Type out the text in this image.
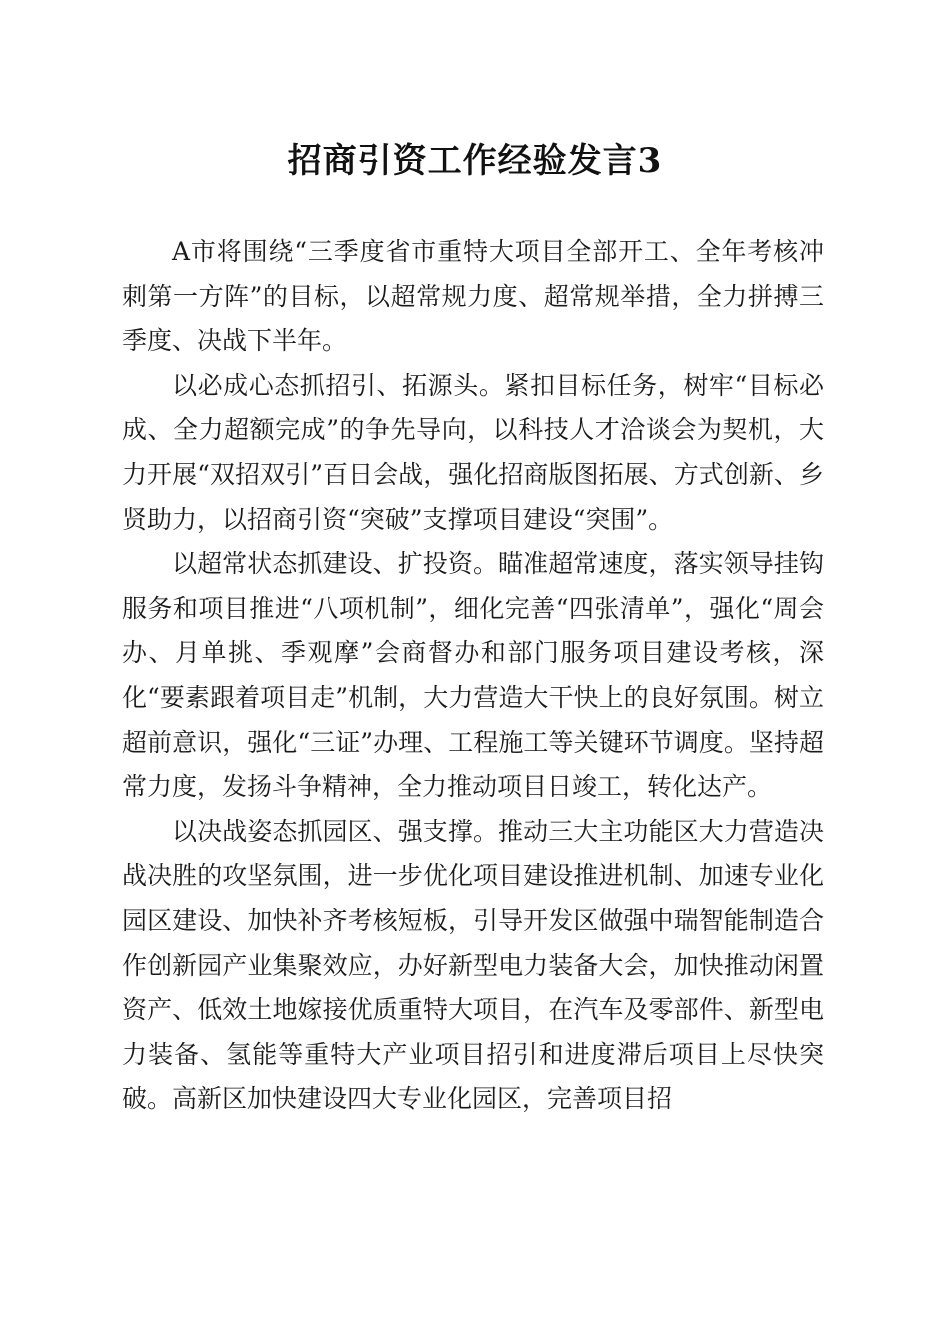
招商引资工作经验发言3

A市将围绕“三季度省市重特大项目全部开工、全年考核冲刺第一方阵”的目标，以超常规力度、超常规举措，全力拼搏三季度、决战下半年。

以必成心态抓招引、拓源头。紧扣目标任务，树牢“目标必成、全力超额完成”的争先导向，以科技人才洽谈会为契机，大力开展“双招双引”百日会战，强化招商版图拓展、方式创新、乡贤助力，以招商引资“突破”支撑项目建设“突围”。

以超常状态抓建设、扩投资。瞄准超常速度，落实领导挂钩服务和项目推进“八项机制”，细化完善“四张清单”，强化“周会办、月单挑、季观摩”会商督办和部门服务项目建设考核，深化“要素跟着项目走”机制，大力营造大干快上的良好氛围。树立超前意识，强化“三证”办理、工程施工等关键环节调度。坚持超常力度，发扬斗争精神，全力推动项目日竣工，转化达产。

以决战姿态抓园区、强支撑。推动三大主功能区大力营造决战决胜的攻坚氛围，进一步优化项目建设推进机制、加速专业化园区建设、加快补齐考核短板，引导开发区做强中瑞智能制造合作创新园产业集聚效应，办好新型电力装备大会，加快推动闲置资产、低效土地嫁接优质重特大项目，在汽车及零部件、新型电力装备、氢能等重特大产业项目招引和进度滞后项目上尽快突破。高新区加快建设四大专业化园区，完善项目招
